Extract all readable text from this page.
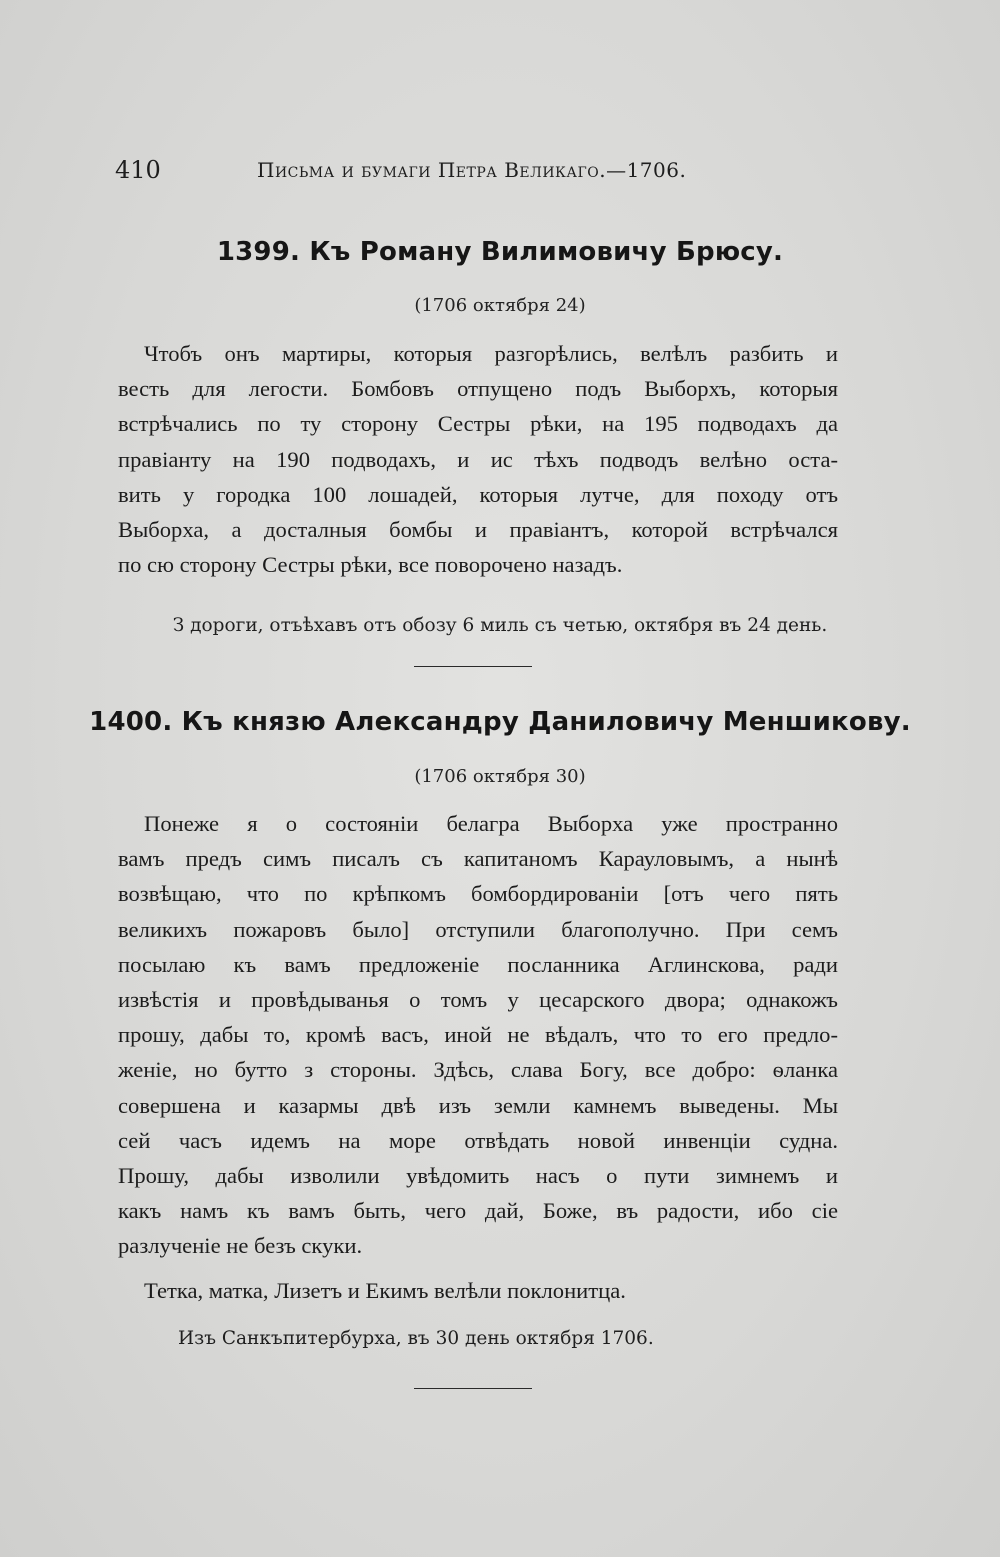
410	Письма и бумаги Петра Великаго.—1706.
1399. Къ Роману Вилимовичу Брюсу.
(1706 октября 24)
Чтобъ онъ мартиры, которыя разгорѣлись, велѣлъ разбить и
весть для легости. Бомбовъ отпущено подъ Выборхъ, которыя
встрѣчались по ту сторону Сестры рѣки, на 195 подводахъ да
правіанту на 190 подводахъ, и ис тѣхъ подводъ велѣно оста-
вить у городка 100 лошадей, которыя лутче, для походу отъ
Выборха, а досталныя бомбы и правіантъ, которой встрѣчался
по сю сторону Сестры рѣки, все поворочено назадъ.
З дороги, отъѣхавъ отъ обозу 6 миль съ четью, октября въ 24 день.
1400. Къ князю Александру Даниловичу Меншикову.
(1706 октября 30)
Понеже я о состояніи белагра Выборха уже пространно
вамъ предъ симъ писалъ съ капитаномъ Карауловымъ, а нынѣ
возвѣщаю, что по крѣпкомъ бомбордированіи [отъ чего пять
великихъ пожаровъ было] отступили благополучно. При семъ
посылаю къ вамъ предложеніе посланника Аглинскова, ради
извѣстія и провѣдыванья о томъ у цесарского двора; однакожъ
прошу, дабы то, кромѣ васъ, иной не вѣдалъ, что то его предло-
женіе, но бутто з стороны. Здѣсь, слава Богу, все добро: ѳланка
совершена и казармы двѣ изъ земли камнемъ выведены. Мы
сей часъ идемъ на море отвѣдать новой инвенціи судна.
Прошу, дабы изволили увѣдомить насъ о пути зимнемъ и
какъ намъ къ вамъ быть, чего дай, Боже, въ радости, ибо сіе
разлученіе не безъ скуки.
Тетка, матка, Лизетъ и Екимъ велѣли поклонитца.
Изъ Санкъпитербурха, въ 30 день октября 1706.
